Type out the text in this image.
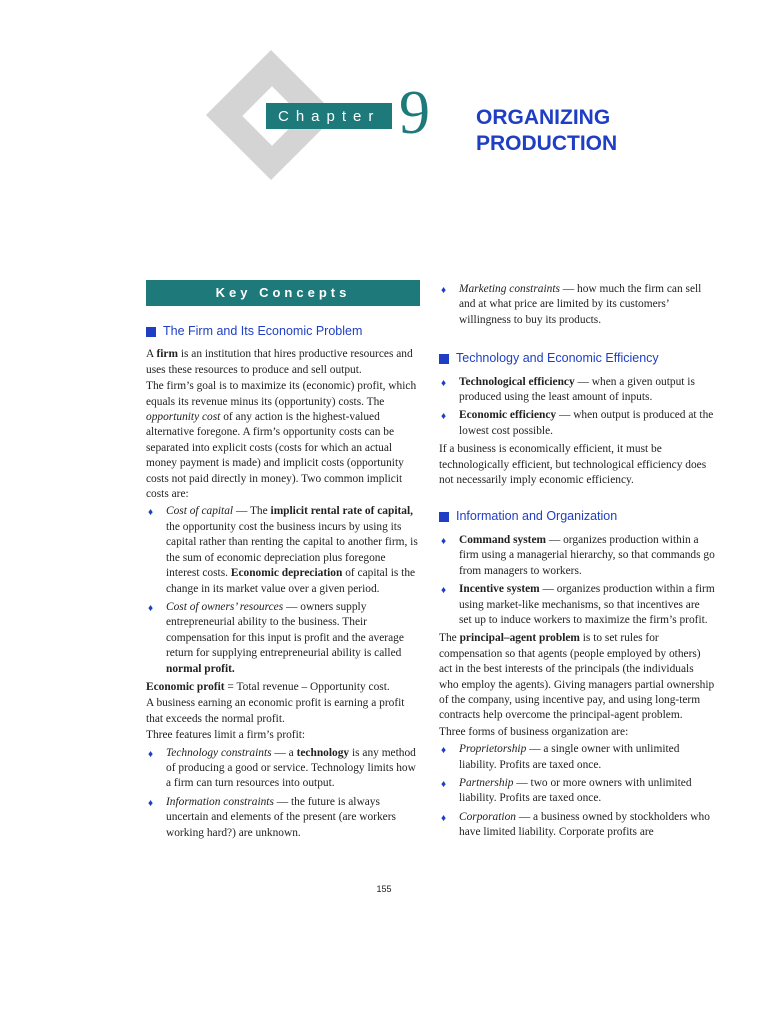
Chapter 9 ORGANIZING
PRODUCTION
Key Concepts
The Firm and Its Economic Problem

A firm is an institution that hires productive resources and uses these resources to produce and sell output.

The firm’s goal is to maximize its (economic) profit, which equals its revenue minus its (opportunity) costs. The opportunity cost of any action is the highest-valued alternative foregone. A firm’s opportunity costs can be separated into explicit costs (costs for which an actual money payment is made) and implicit costs (opportunity costs not paid directly in money). Two common implicit costs are:

♦	Cost of capital — The implicit rental rate of capital, the opportunity cost the business incurs by using its capital rather than renting the capital to another firm, is the sum of economic depreciation plus foregone interest costs. Economic depreciation of capital is the change in its market value over a given period.
♦	Cost of owners’ resources — owners supply entrepreneurial ability to the business. Their compensation for this input is profit and the average return for supplying entrepreneurial ability is called normal profit.

Economic profit = Total revenue – Opportunity cost.

A business earning an economic profit is earning a profit that exceeds the normal profit.

Three features limit a firm’s profit:

♦	Technology constraints — a technology is any method of producing a good or service. Technology limits how a firm can turn resources into output.
♦	Information constraints — the future is always uncertain and elements of the present (are workers working hard?) are unknown.
♦	Marketing constraints — how much the firm can sell and at what price are limited by its customers’ willingness to buy its products.
Technology and Economic Efficiency
♦	Technological efficiency — when a given output is produced using the least amount of inputs.
♦	Economic efficiency — when output is produced at the lowest cost possible.

If a business is economically efficient, it must be technologically efficient, but technological efficiency does not necessarily imply economic efficiency.

Information and Organization
♦	Command system — organizes production within a firm using a managerial hierarchy, so that commands go from managers to workers.
♦	Incentive system — organizes production within a firm using market-like mechanisms, so that incentives are set up to induce workers to maximize the firm’s profit.

The principal–agent problem is to set rules for compensation so that agents (people employed by others) act in the best interests of the principals (the individuals who employ the agents). Giving managers partial ownership of the company, using incentive pay, and using long-term contracts help overcome the principal-agent problem.

Three forms of business organization are:

♦	Proprietorship — a single owner with unlimited liability. Profits are taxed once.
♦	Partnership — two or more owners with unlimited liability. Profits are taxed once.
♦	Corporation — a business owned by stockholders who have limited liability. Corporate profits are
155
